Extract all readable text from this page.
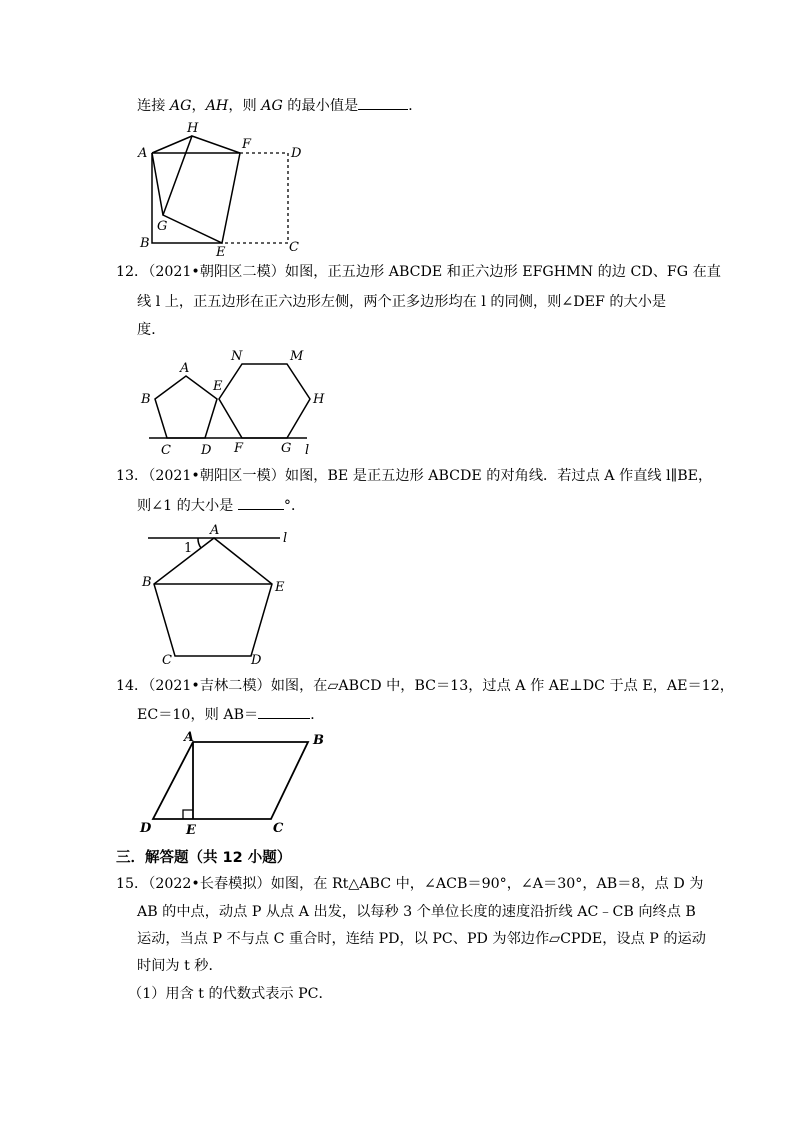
连接 AG，AH，则 AG 的最小值是	．
A
H
F
D
G
B
E	C
12．（2021•朝阳区二模）如图，正五边形 ABCDE 和正六边形 EFGHMN 的边 CD、FG 在直
线 l 上，正五边形在正六边形左侧，两个正多边形均在 l 的同侧，则∠DEF 的大小是
度．
N	M
A
E
B	H
C D F	G l
13．（2021•朝阳区一模）如图，BE 是正五边形 ABCDE 的对角线．若过点 A 作直线 l∥BE，
则∠1 的大小是	°．
A
1
l
B	E
C	D
14．（2021•吉林二模）如图，在▱ABCD 中，BC＝13，过点 A 作 AE⊥DC 于点 E，AE＝12，
EC＝10，则 AB＝	．
A	B
D	E	C
三．解答题（共 12 小题）
15．（2022•长春模拟）如图，在 Rt△ABC 中，∠ACB＝90°，∠A＝30°，AB＝8，点 D 为
AB 的中点，动点 P 从点 A 出发，以每秒 3 个单位长度的速度沿折线 AC﹣CB 向终点 B
运动，当点 P 不与点 C 重合时，连结 PD，以 PC、PD 为邻边作▱CPDE，设点 P 的运动
时间为 t 秒．
（1）用含 t 的代数式表示 PC．
